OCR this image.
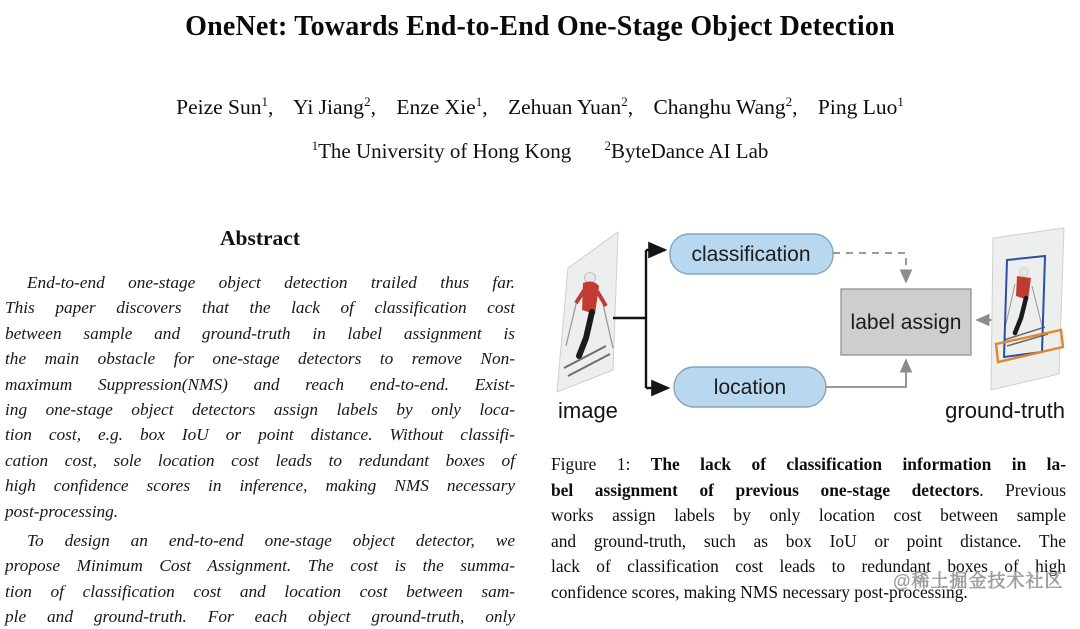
OneNet: Towards End-to-End One-Stage Object Detection
Peize Sun$^1$, Yi Jiang$^2$, Enze Xie$^1$, Zehuan Yuan$^2$, Changhu Wang$^2$, Ping Luo$^1$
$^1$The University of Hong Kong	$^2$ByteDance AI Lab
Abstract
End-to-end one-stage object detection trailed thus far.
This paper discovers that the lack of classification cost
between sample and ground-truth in label assignment is
the main obstacle for one-stage detectors to remove Non-
maximum Suppression(NMS) and reach end-to-end. Exist-
ing one-stage object detectors assign labels by only loca-
tion cost, e.g. box IoU or point distance. Without classifi-
cation cost, sole location cost leads to redundant boxes of
high confidence scores in inference, making NMS necessary
post-processing.
To design an end-to-end one-stage object detector, we
propose Minimum Cost Assignment. The cost is the summa-
tion of classification cost and location cost between sam-
ple and ground-truth. For each object ground-truth, only
image
classification
location
label assign
ground-truth
Figure 1: The lack of classification information in la-
bel assignment of previous one-stage detectors. Previous
works assign labels by only location cost between sample
and ground-truth, such as box IoU or point distance. The
lack of classification cost leads to redundant boxes of high
confidence scores, making NMS necessary post-processing.
@稀土掘金技术社区
